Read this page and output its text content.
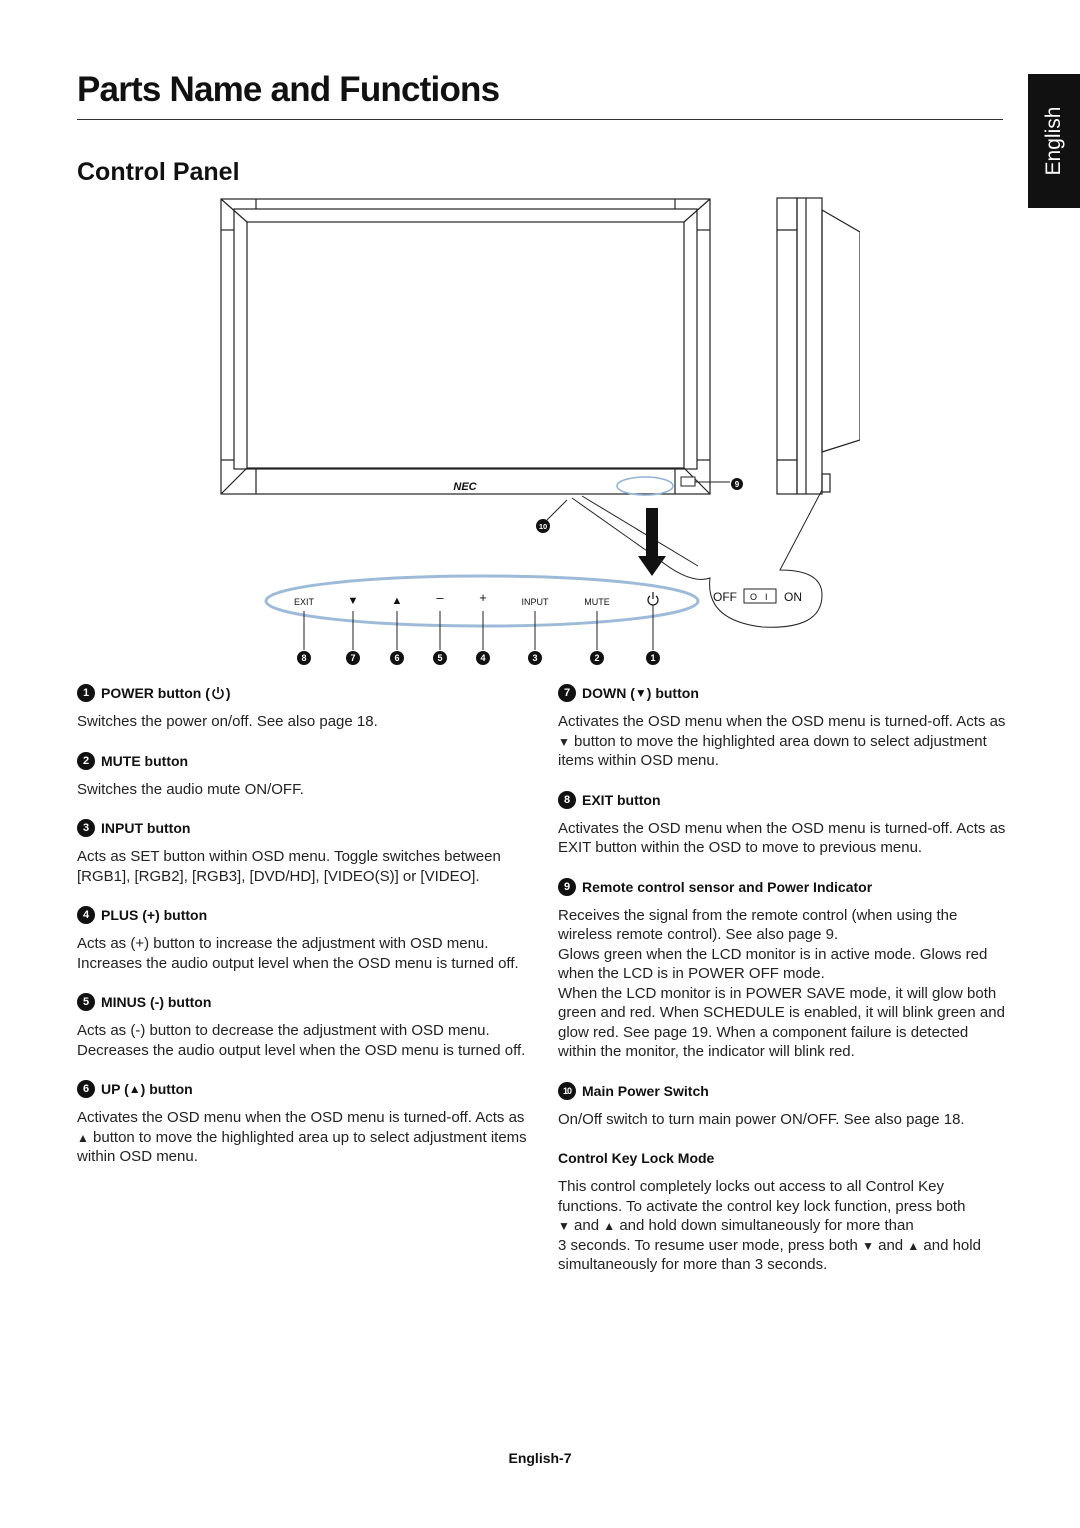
Parts Name and Functions
English
Control Panel
NEC	9
10
OFF O I ON
EXIT	▼	▲	–	+	INPUT	MUTE
8	7	6	5	4	3	2	1
1 POWER button ( )

Switches the power on/off. See also page 18.

2 MUTE button

Switches the audio mute ON/OFF.

3 INPUT button

Acts as SET button within OSD menu. Toggle switches between [RGB1], [RGB2], [RGB3], [DVD/HD], [VIDEO(S)] or [VIDEO].

4 PLUS (+) button

Acts as (+) button to increase the adjustment with OSD menu. Increases the audio output level when the OSD menu is turned off.

5 MINUS (-) button

Acts as (-) button to decrease the adjustment with OSD menu. Decreases the audio output level when the OSD menu is turned off.

6 UP ( ▲ ) button

Activates the OSD menu when the OSD menu is turned-off. Acts as ▲ button to move the highlighted area up to select adjustment items within OSD menu.

7 DOWN ( ▼ ) button

Activates the OSD menu when the OSD menu is turned-off. Acts as ▼ button to move the highlighted area down to select adjustment items within OSD menu.

8 EXIT button

Activates the OSD menu when the OSD menu is turned-off. Acts as EXIT button within the OSD to move to previous menu.

9 Remote control sensor and Power Indicator

Receives the signal from the remote control (when using the wireless remote control). See also page 9.
Glows green when the LCD monitor is in active mode. Glows red when the LCD is in POWER OFF mode.
When the LCD monitor is in POWER SAVE mode, it will glow both green and red. When SCHEDULE is enabled, it will blink green and glow red. See page 19. When a component failure is detected within the monitor, the indicator will blink red.

10 Main Power Switch

On/Off switch to turn main power ON/OFF. See also page 18.

Control Key Lock Mode

This control completely locks out access to all Control Key functions. To activate the control key lock function, press both
▼ and ▲ and hold down simultaneously for more than
3 seconds. To resume user mode, press both ▼ and ▲ and hold simultaneously for more than 3 seconds.

English-7
